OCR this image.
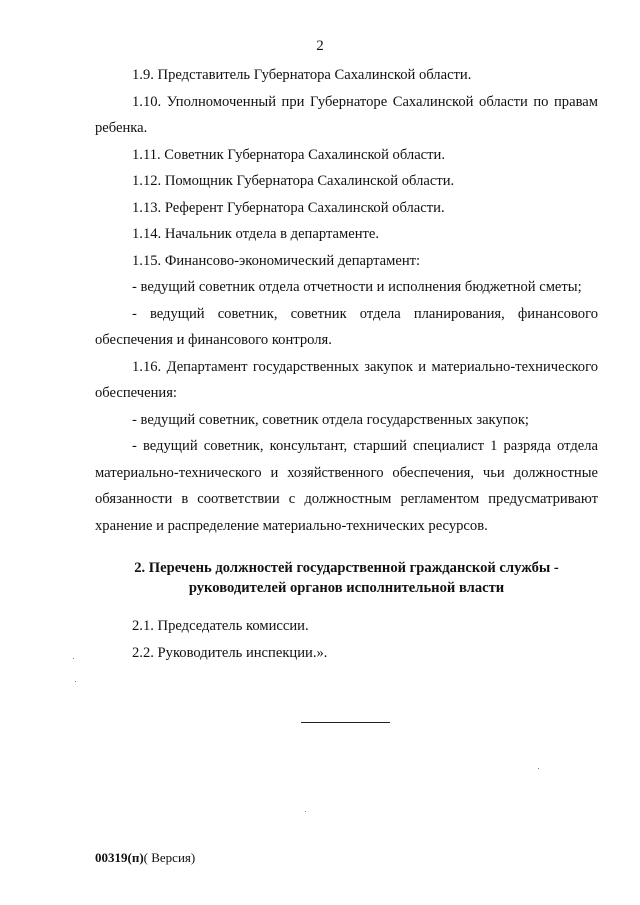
2

1.9. Представитель Губернатора Сахалинской области.

1.10. Уполномоченный при Губернаторе Сахалинской области по правам ребенка.

1.11. Советник Губернатора Сахалинской области.

1.12. Помощник Губернатора Сахалинской области.

1.13. Референт Губернатора Сахалинской области.

1.14. Начальник отдела в департаменте.

1.15. Финансово-экономический департамент:

- ведущий советник отдела отчетности и исполнения бюджетной сметы;

- ведущий советник, советник отдела планирования, финансового обеспечения и финансового контроля.

1.16. Департамент государственных закупок и материально-технического обеспечения:

- ведущий советник, советник отдела государственных закупок;

- ведущий советник, консультант, старший специалист 1 разряда отдела материально-технического и хозяйственного обеспечения, чьи должностные обязанности в соответствии с должностным регламентом предусматривают хранение и распределение материально-технических ресурсов.

2. Перечень должностей государственной гражданской службы -
руководителей органов исполнительной власти

2.1. Председатель комиссии.

2.2. Руководитель инспекции.».

00319(п)( Версия)
